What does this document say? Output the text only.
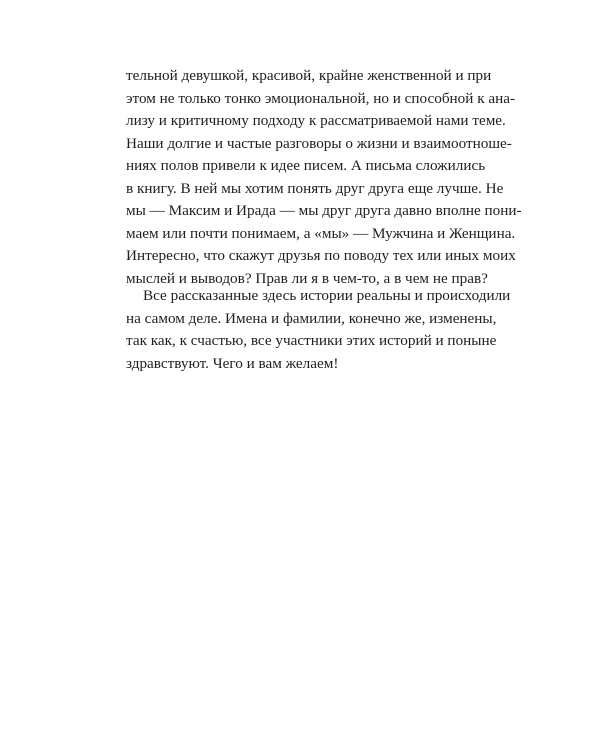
тельной девушкой, красивой, крайне женственной и при
этом не только тонко эмоциональной, но и способной к ана-
лизу и критичному подходу к рассматриваемой нами теме.
Наши долгие и частые разговоры о жизни и взаимоотноше-
ниях полов привели к идее писем. А письма сложились
в книгу. В ней мы хотим понять друг друга еще лучше. Не
мы — Максим и Ирада — мы друг друга давно вполне пони-
маем или почти понимаем, а «мы» — Мужчина и Женщина.
Интересно, что скажут друзья по поводу тех или иных моих
мыслей и выводов? Прав ли я в чем-то, а в чем не прав?
Все рассказанные здесь истории реальны и происходили
на самом деле. Имена и фамилии, конечно же, изменены,
так как, к счастью, все участники этих историй и поныне
здравствуют. Чего и вам желаем!
